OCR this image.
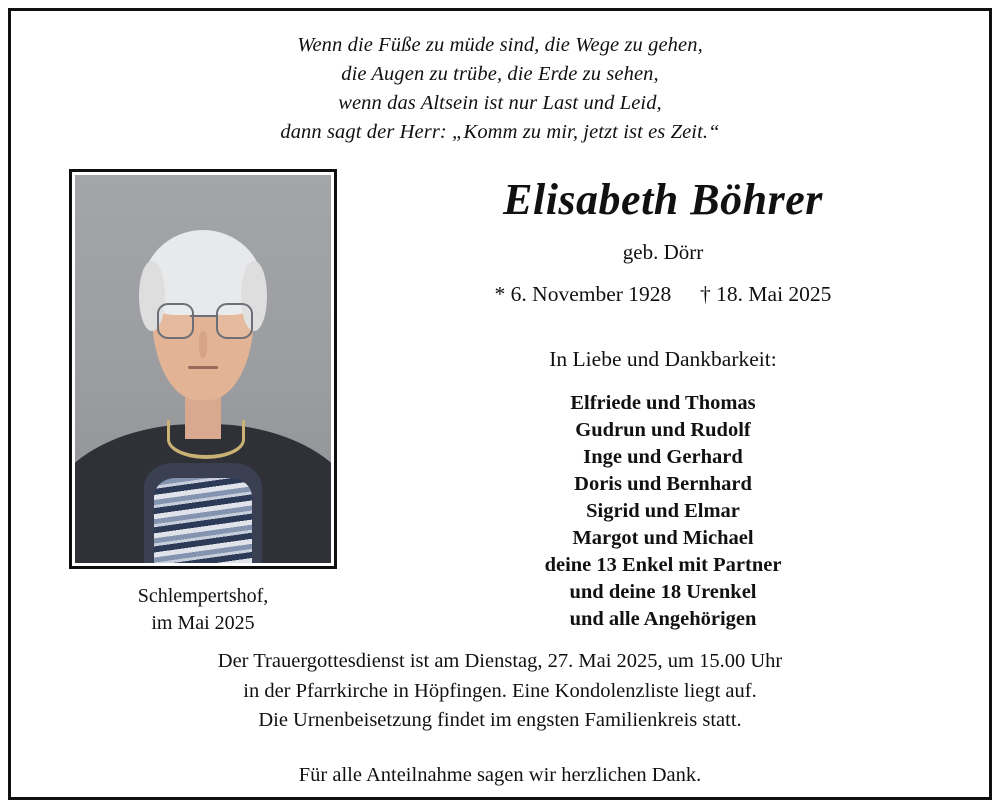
Wenn die Füße zu müde sind, die Wege zu gehen,
die Augen zu trübe, die Erde zu sehen,
wenn das Altsein ist nur Last und Leid,
dann sagt der Herr: „Komm zu mir, jetzt ist es Zeit.“
Schlempertshof,
im Mai 2025
Elisabeth Böhrer
geb. Dörr
* 6. November 1928 † 18. Mai 2025
In Liebe und Dankbarkeit:
Elfriede und Thomas
Gudrun und Rudolf
Inge und Gerhard
Doris und Bernhard
Sigrid und Elmar
Margot und Michael
deine 13 Enkel mit Partner
und deine 18 Urenkel
und alle Angehörigen
Der Trauergottesdienst ist am Dienstag, 27. Mai 2025, um 15.00 Uhr
in der Pfarrkirche in Höpfingen. Eine Kondolenzliste liegt auf.
Die Urnenbeisetzung findet im engsten Familienkreis statt.
Für alle Anteilnahme sagen wir herzlichen Dank.
